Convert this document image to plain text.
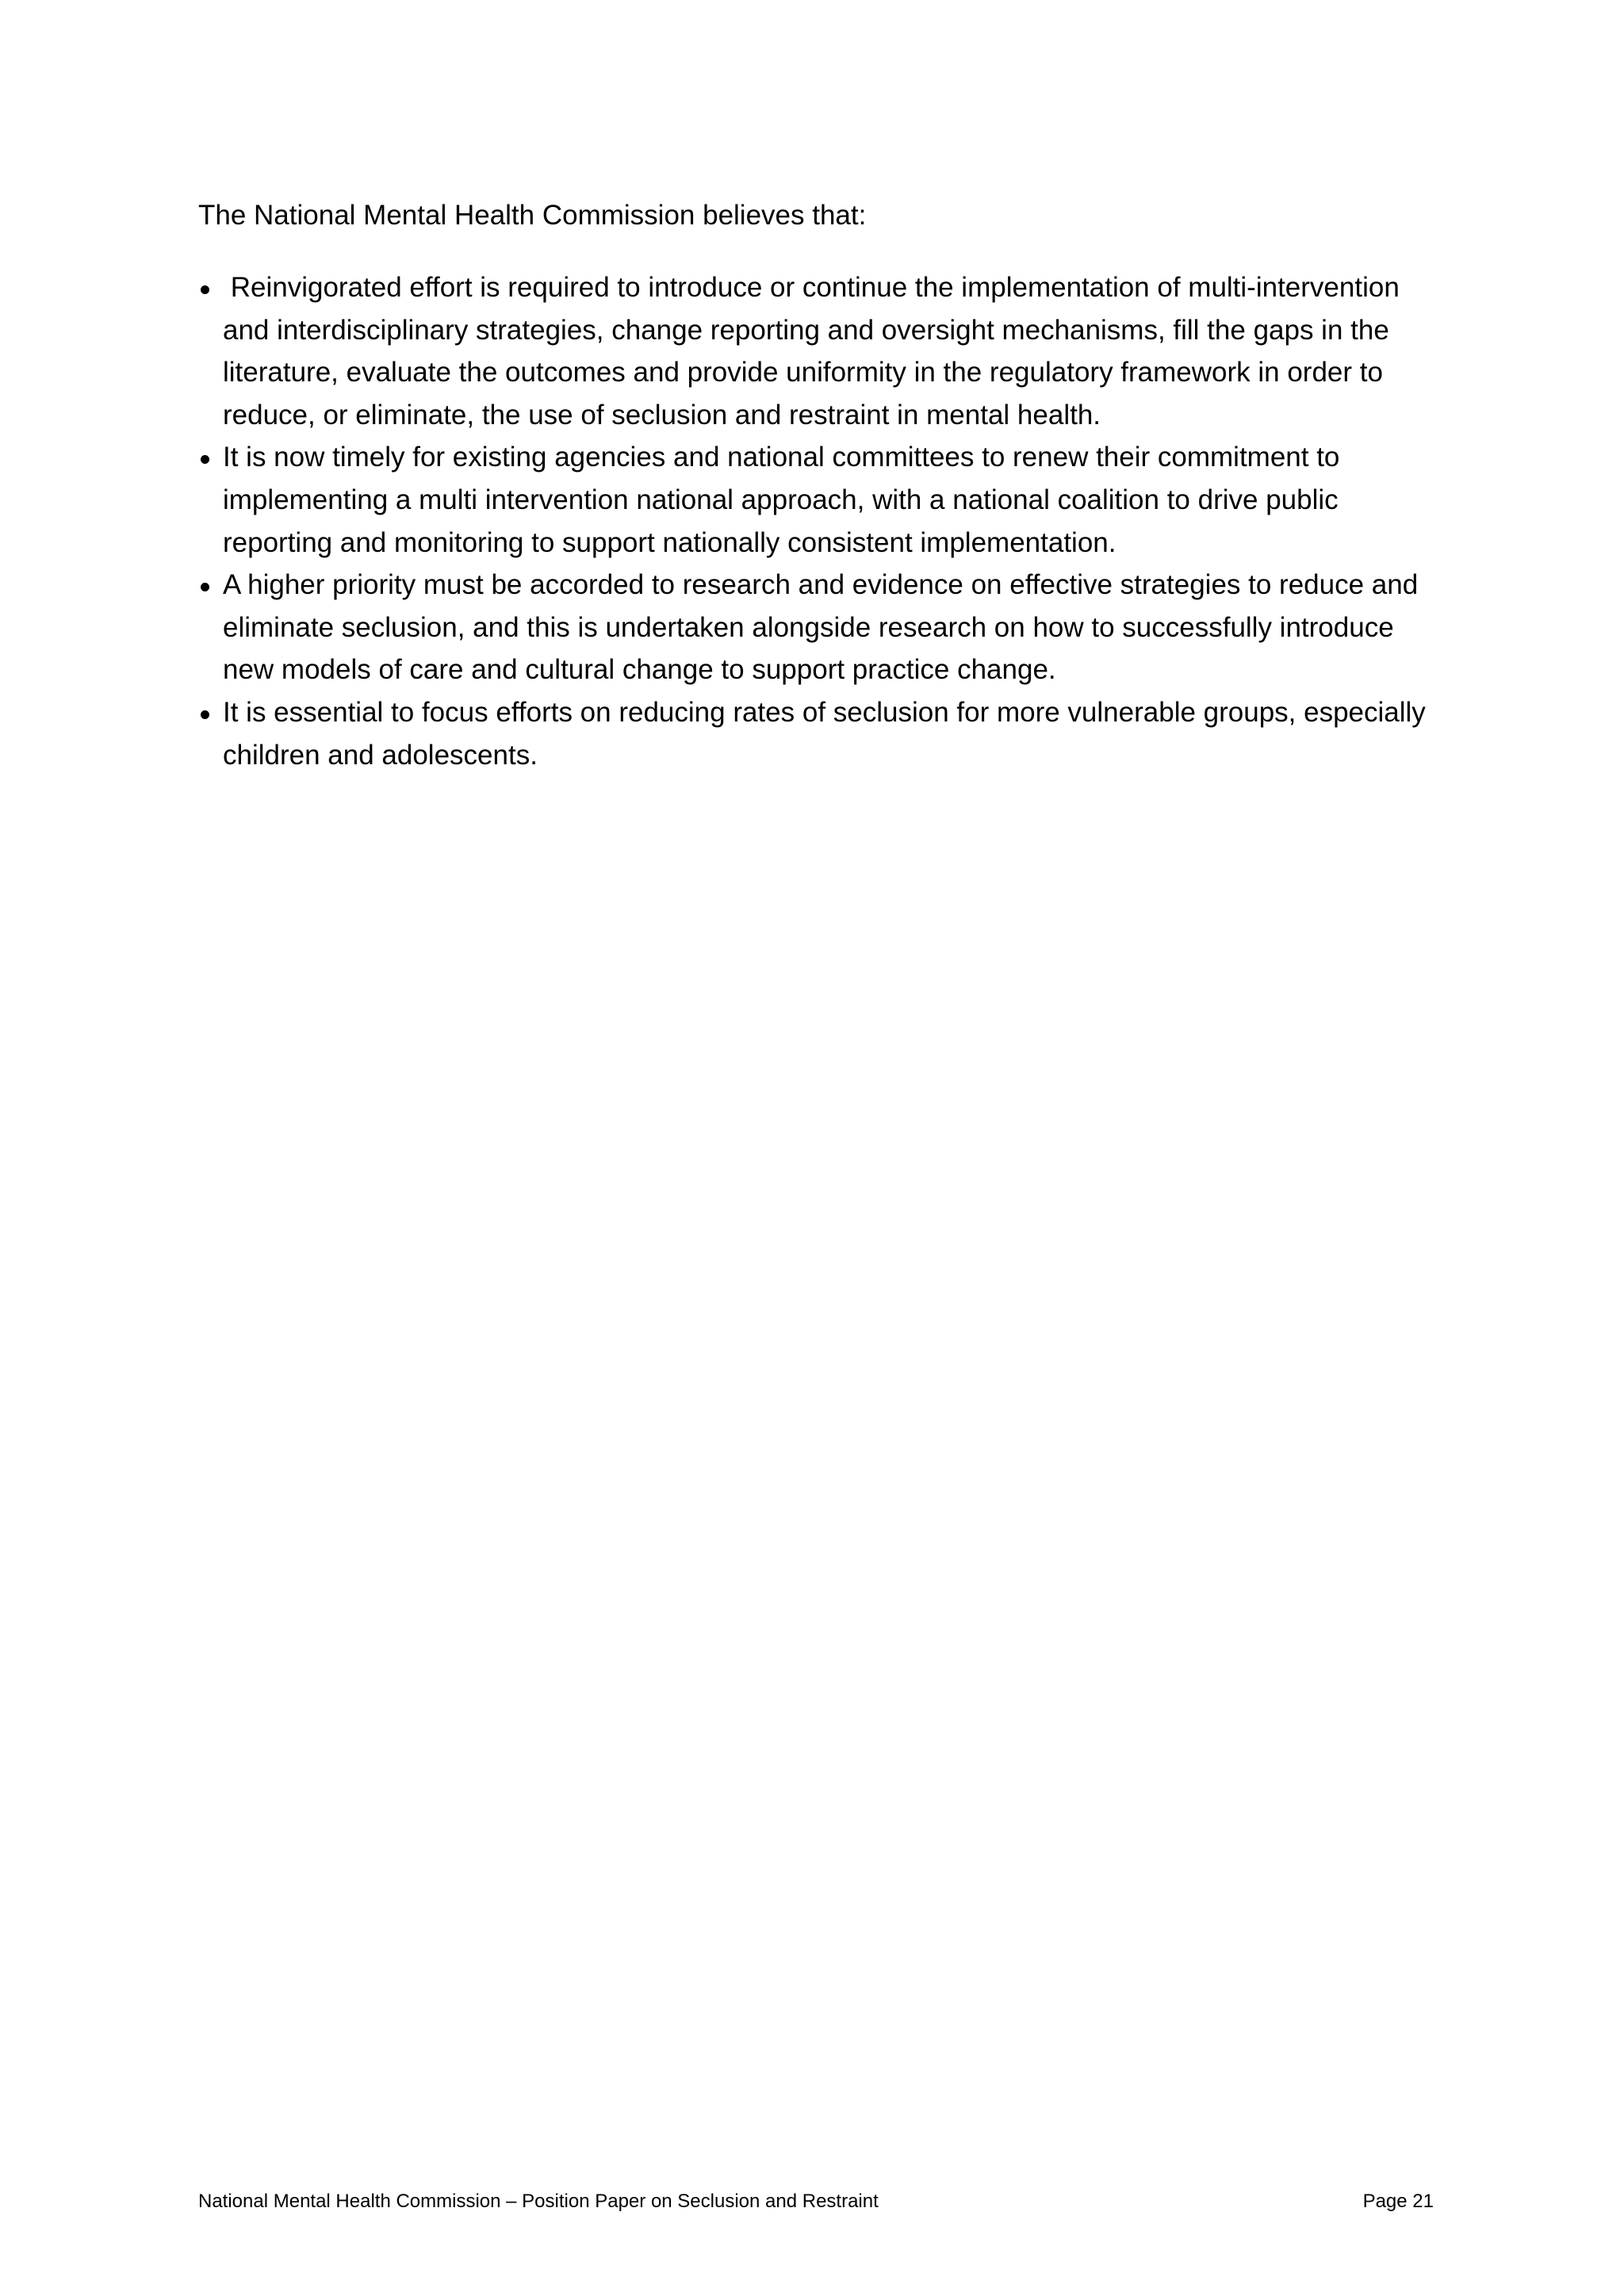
The National Mental Health Commission believes that:

Reinvigorated effort is required to introduce or continue the implementation of multi-intervention and interdisciplinary strategies, change reporting and oversight mechanisms, fill the gaps in the literature, evaluate the outcomes and provide uniformity in the regulatory framework in order to reduce, or eliminate, the use of seclusion and restraint in mental health.
It is now timely for existing agencies and national committees to renew their commitment to implementing a multi intervention national approach, with a national coalition to drive public reporting and monitoring to support nationally consistent implementation.
A higher priority must be accorded to research and evidence on effective strategies to reduce and eliminate seclusion, and this is undertaken alongside research on how to successfully introduce new models of care and cultural change to support practice change.
It is essential to focus efforts on reducing rates of seclusion for more vulnerable groups, especially children and adolescents.
National Mental Health Commission – Position Paper on Seclusion and Restraint	Page 21
